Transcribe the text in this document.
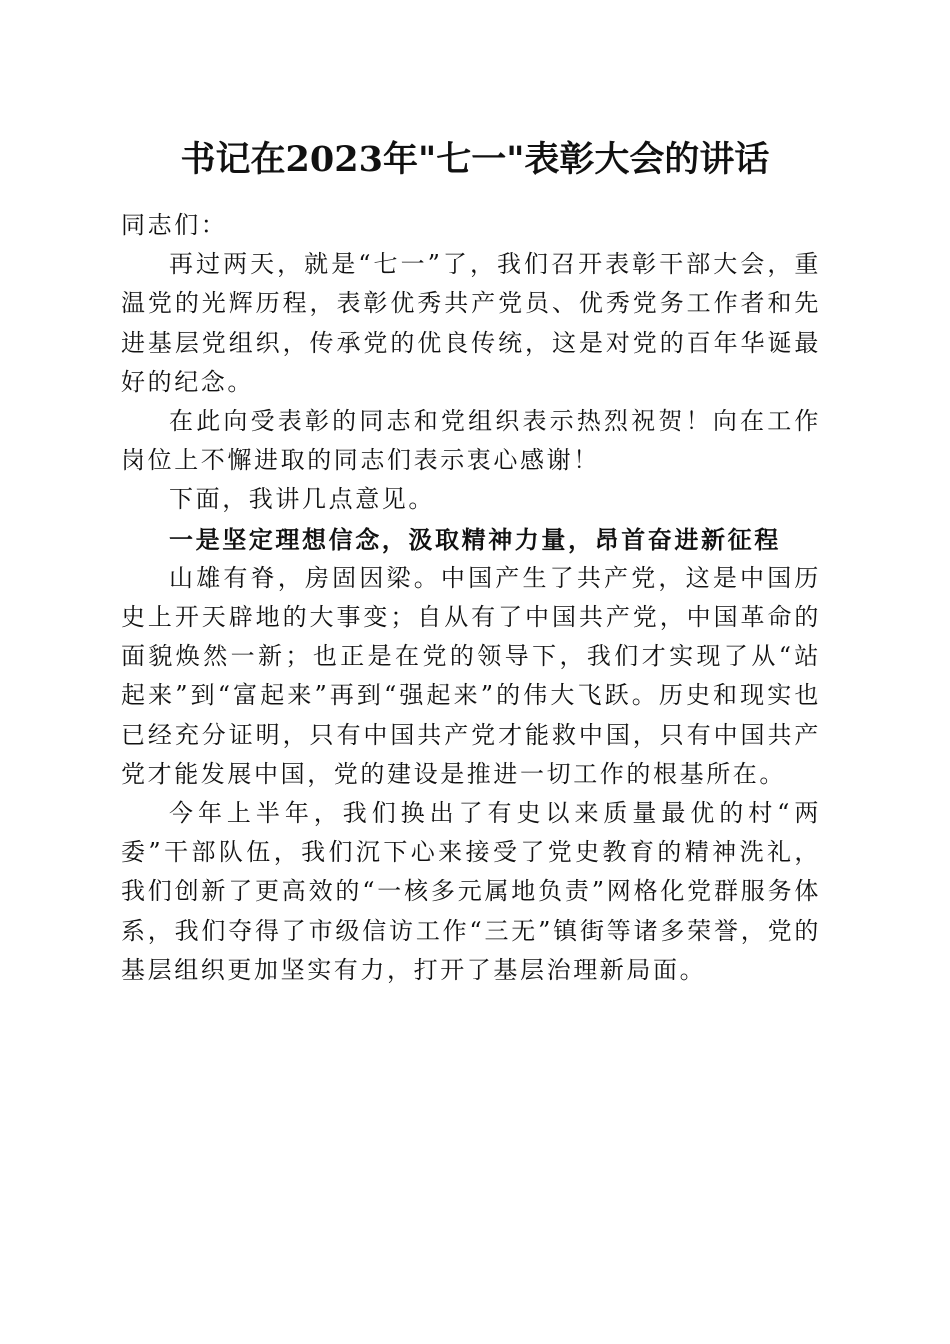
书记在2023年"七一"表彰大会的讲话

同志们：

再过两天，就是“七一”了，我们召开表彰干部大会，重温党的光辉历程，表彰优秀共产党员、优秀党务工作者和先进基层党组织，传承党的优良传统，这是对党的百年华诞最好的纪念。

在此向受表彰的同志和党组织表示热烈祝贺！向在工作岗位上不懈进取的同志们表示衷心感谢！

下面，我讲几点意见。

一是坚定理想信念，汲取精神力量，昂首奋进新征程

山雄有脊，房固因梁。中国产生了共产党，这是中国历史上开天辟地的大事变；自从有了中国共产党，中国革命的面貌焕然一新；也正是在党的领导下，我们才实现了从“站起来”到“富起来”再到“强起来”的伟大飞跃。历史和现实也已经充分证明，只有中国共产党才能救中国，只有中国共产党才能发展中国，党的建设是推进一切工作的根基所在。

今年上半年，我们换出了有史以来质量最优的村“两委”干部队伍，我们沉下心来接受了党史教育的精神洗礼，我们创新了更高效的“一核多元属地负责”网格化党群服务体系，我们夺得了市级信访工作“三无”镇街等诸多荣誉，党的基层组织更加坚实有力，打开了基层治理新局面。
